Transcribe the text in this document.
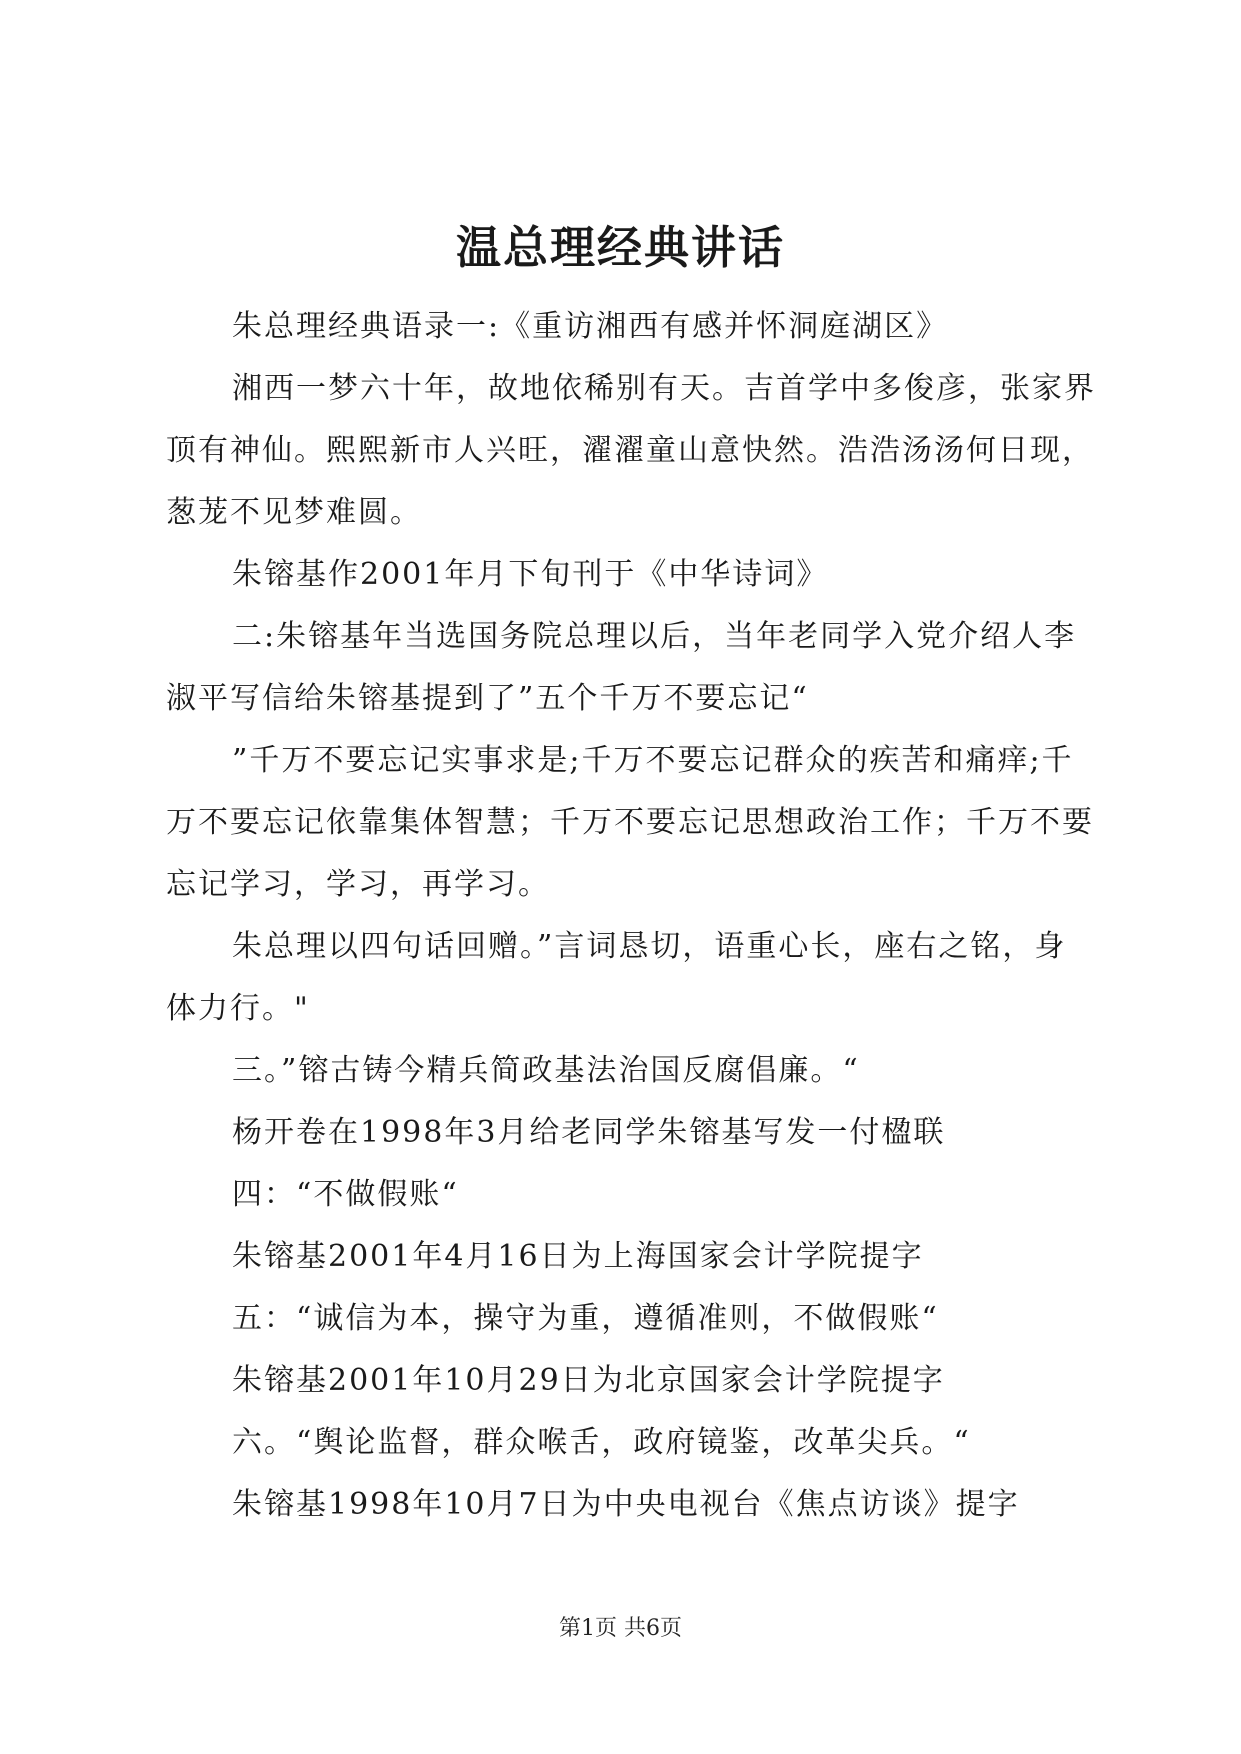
温总理经典讲话

朱总理经典语录一:《重访湘西有感并怀洞庭湖区》

湘西一梦六十年，故地依稀别有天。吉首学中多俊彦，张家界顶有神仙。熙熙新市人兴旺，濯濯童山意快然。浩浩汤汤何日现，葱茏不见梦难圆。

朱镕基作2001年月下旬刊于《中华诗词》

二:朱镕基年当选国务院总理以后，当年老同学入党介绍人李淑平写信给朱镕基提到了”五个千万不要忘记“

”千万不要忘记实事求是;千万不要忘记群众的疾苦和痛痒;千万不要忘记依靠集体智慧；千万不要忘记思想政治工作；千万不要忘记学习，学习，再学习。

朱总理以四句话回赠。”言词恳切，语重心长，座右之铭，身体力行。"

三。”镕古铸今精兵简政基法治国反腐倡廉。“

杨开卷在1998年3月给老同学朱镕基写发一付楹联

四：“不做假账“

朱镕基2001年4月16日为上海国家会计学院提字

五：“诚信为本，操守为重，遵循准则，不做假账“

朱镕基2001年10月29日为北京国家会计学院提字

六。“舆论监督，群众喉舌，政府镜鉴，改革尖兵。“

朱镕基1998年10月7日为中央电视台《焦点访谈》提字

第1页 共6页
